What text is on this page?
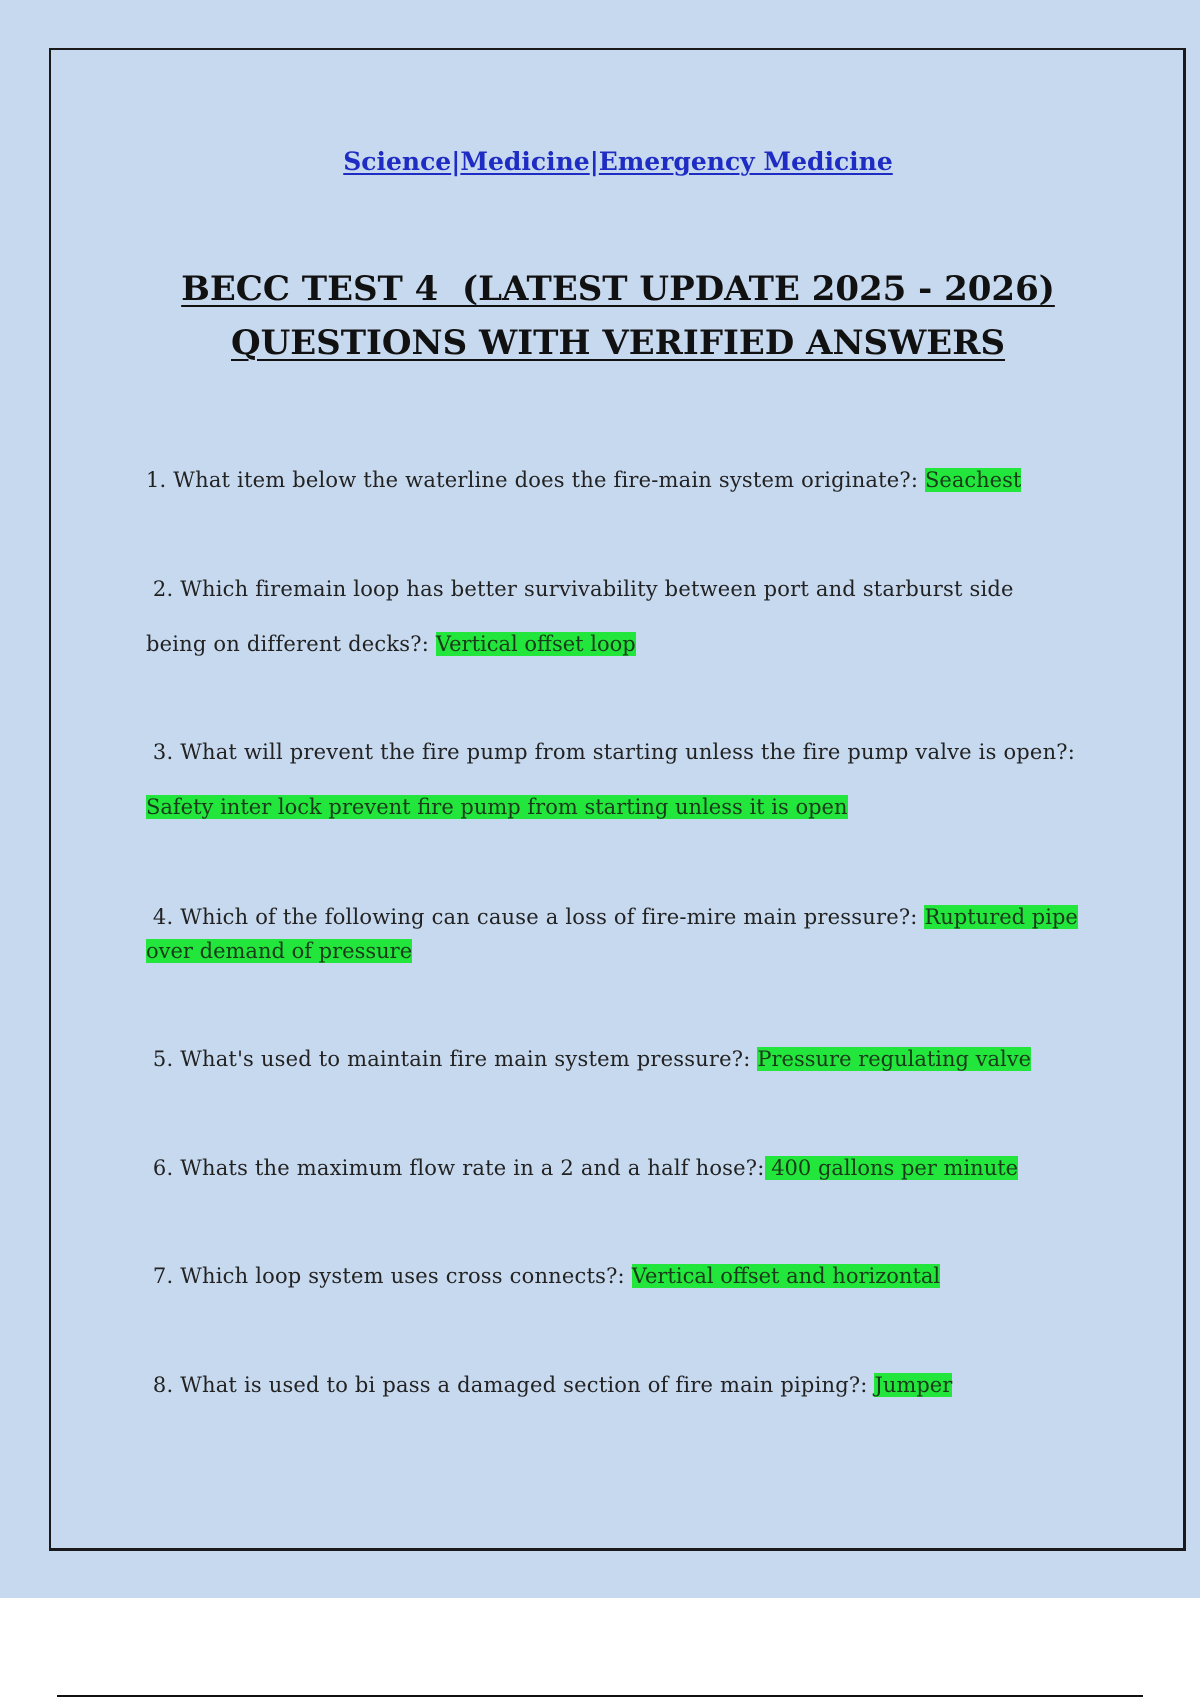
Science|Medicine|Emergency Medicine
BECC TEST 4  (LATEST UPDATE 2025 - 2026)
QUESTIONS WITH VERIFIED ANSWERS
1. What item below the waterline does the fire-main system originate?: Seachest
2. Which firemain loop has better survivability between port and starburst side being on different decks?: Vertical offset loop
3. What will prevent the fire pump from starting unless the fire pump valve is open?: Safety inter lock prevent fire pump from starting unless it is open
4. Which of the following can cause a loss of fire-mire main pressure?: Ruptured pipe over demand of pressure
5. What's used to maintain fire main system pressure?: Pressure regulating valve
6. Whats the maximum flow rate in a 2 and a half hose?: 400 gallons per minute
7. Which loop system uses cross connects?: Vertical offset and horizontal
8. What is used to bi pass a damaged section of fire main piping?: Jumper
